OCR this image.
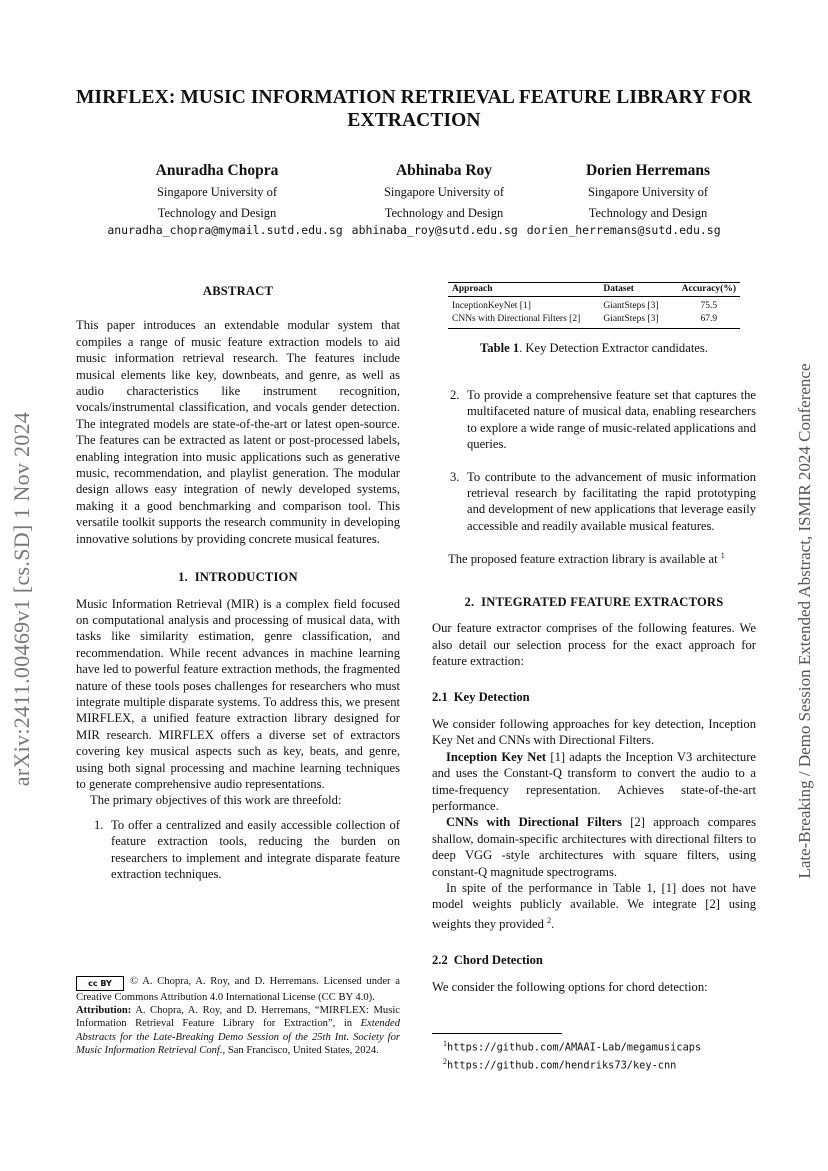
MIRFLEX: MUSIC INFORMATION RETRIEVAL FEATURE LIBRARY FOR EXTRACTION
Anuradha Chopra
Singapore University of
Technology and Design
Abhinaba Roy
Singapore University of
Technology and Design
Dorien Herremans
Singapore University of
Technology and Design
anuradha_chopra@mymail.sutd.edu.sg abhinaba_roy@sutd.edu.sg dorien_herremans@sutd.edu.sg
arXiv:2411.00469v1 [cs.SD] 1 Nov 2024	Late-Breaking / Demo Session Extended Abstract, ISMIR 2024 Conference
ABSTRACT

This paper introduces an extendable modular system that compiles a range of music feature extraction models to aid music information retrieval research. The features include musical elements like key, downbeats, and genre, as well as audio characteristics like instrument recognition, vocals/instrumental classification, and vocals gender detection. The integrated models are state-of-the-art or latest open-source. The features can be extracted as latent or post-processed labels, enabling integration into music applications such as generative music, recommendation, and playlist generation. The modular design allows easy integration of newly developed systems, making it a good benchmarking and comparison tool. This versatile toolkit supports the research community in developing innovative solutions by providing concrete musical features.

1. INTRODUCTION

Music Information Retrieval (MIR) is a complex field focused on computational analysis and processing of musical data, with tasks like similarity estimation, genre classification, and recommendation. While recent advances in machine learning have led to powerful feature extraction methods, the fragmented nature of these tools poses challenges for researchers who must integrate multiple disparate systems. To address this, we present MIRFLEX, a unified feature extraction library designed for MIR research. MIRFLEX offers a diverse set of extractors covering key musical aspects such as key, beats, and genre, using both signal processing and machine learning techniques to generate comprehensive audio representations.

The primary objectives of this work are threefold:

1. To offer a centralized and easily accessible collection of feature extraction tools, reducing the burden on researchers to implement and integrate disparate feature extraction techniques.
cc BY © A. Chopra, A. Roy, and D. Herremans. Licensed under a Creative Commons Attribution 4.0 International License (CC BY 4.0).
Attribution: A. Chopra, A. Roy, and D. Herremans, “MIRFLEX: Music Information Retrieval Feature Library for Extraction”, in Extended Abstracts for the Late-Breaking Demo Session of the 25th Int. Society for Music Information Retrieval Conf., San Francisco, United States, 2024.
Approach	Dataset	Accuracy(%)
InceptionKeyNet [1]	GiantSteps [3]	75.5
CNNs with Directional Filters [2]	GiantSteps [3]	67.9
Table 1. Key Detection Extractor candidates.
2. To provide a comprehensive feature set that captures the multifaceted nature of musical data, enabling researchers to explore a wide range of music-related applications and queries.
3. To contribute to the advancement of music information retrieval research by facilitating the rapid prototyping and development of new applications that leverage easily accessible and readily available musical features.

The proposed feature extraction library is available at $^1$

2. INTEGRATED FEATURE EXTRACTORS

Our feature extractor comprises of the following features. We also detail our selection process for the exact approach for feature extraction:

2.1 Key Detection

We consider following approaches for key detection, Inception Key Net and CNNs with Directional Filters.

Inception Key Net [1] adapts the Inception V3 architecture and uses the Constant-Q transform to convert the audio to a time-frequency representation. Achieves state-of-the-art performance.

CNNs with Directional Filters [2] approach compares shallow, domain-specific architectures with directional filters to deep VGG -style architectures with square filters, using constant-Q magnitude spectrograms.

In spite of the performance in Table 1, [1] does not have model weights publicly available. We integrate [2] using weights they provided $^2$.

2.2 Chord Detection

We consider the following options for chord detection:

$^1$https://github.com/AMAAI-Lab/megamusicaps
$^2$https://github.com/hendriks73/key-cnn
